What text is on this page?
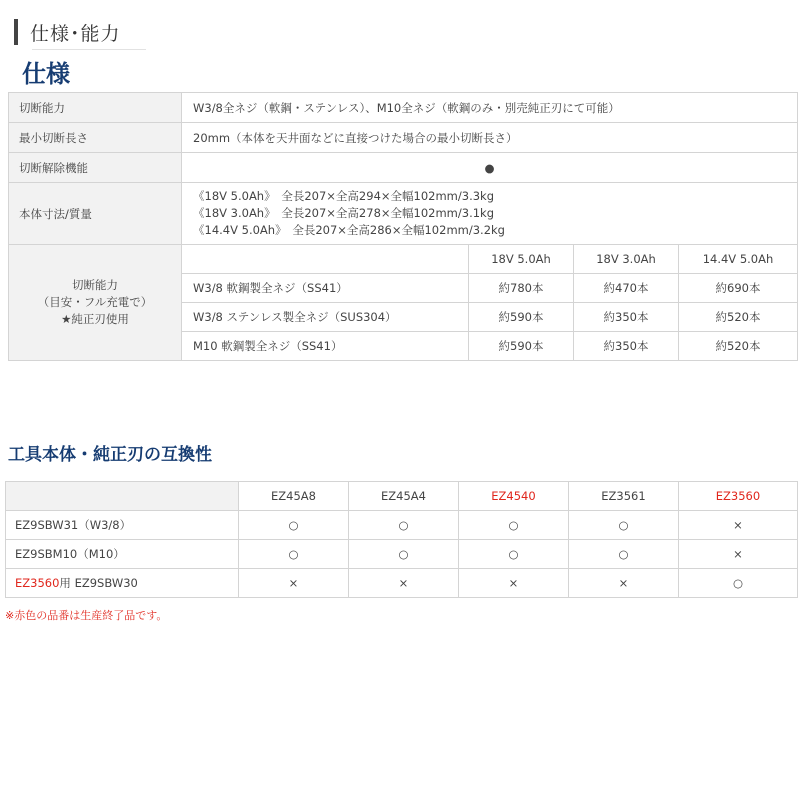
仕様･能力
仕様
切断能力	W3/8全ネジ（軟鋼・ステンレス）、M10全ネジ（軟鋼のみ・別売純正刃にて可能）			
最小切断長さ	20mm（本体を天井面などに直接つけた場合の最小切断長さ）			
切断解除機能	●			
本体寸法/質量	《18V 5.0Ah》　全長207×全高294×全幅102mm/3.3kg
《18V 3.0Ah》　全長207×全高278×全幅102mm/3.1kg
《14.4V 5.0Ah》　全長207×全高286×全幅102mm/3.2kg			

切断能力
（目安・フル充電で）
★純正刃使用		18V 5.0Ah	18V 3.0Ah	14.4V 5.0Ah
	W3/8 軟鋼製全ネジ（SS41）	約780本	約470本	約690本
	W3/8 ステンレス製全ネジ（SUS304）	約590本	約350本	約520本
	M10 軟鋼製全ネジ（SS41）	約590本	約350本	約520本
工具本体・純正刃の互換性
	EZ45A8	EZ45A4	EZ4540	EZ3561	EZ3560
EZ9SBW31（W3/8）	○	○	○	○	×
EZ9SBM10（M10）	○	○	○	○	×
EZ3560用 EZ9SBW30	×	×	×	×	○
※赤色の品番は生産終了品です。
